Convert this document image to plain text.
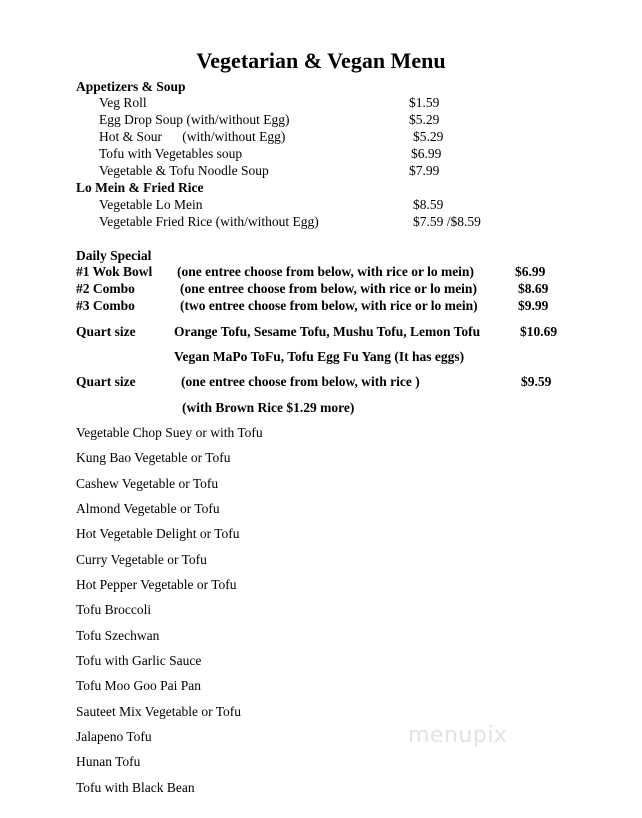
Vegetarian & Vegan Menu
Appetizers & Soup
Veg Roll	$1.59
Egg Drop Soup (with/without Egg)	$5.29
Hot & Sour      (with/without Egg)	$5.29
Tofu with Vegetables soup	$6.99
Vegetable & Tofu Noodle Soup	$7.99
Lo Mein & Fried Rice
Vegetable Lo Mein	$8.59
Vegetable Fried Rice (with/without Egg)	$7.59 /$8.59
Daily Special
#1 Wok Bowl (one entree choose from below, with rice or lo mein)	$6.99
#2 Combo	(one entree choose from below, with rice or lo mein)	$8.69
#3 Combo	(two entree choose from below, with rice or lo mein)	$9.99
Quart size	Orange Tofu, Sesame Tofu, Mushu Tofu, Lemon Tofu	$10.69
Vegan MaPo ToFu, Tofu Egg Fu Yang (It has eggs)
Quart size	(one entree choose from below, with rice )	$9.59
(with Brown Rice $1.29 more)
Vegetable Chop Suey or with Tofu
Kung Bao Vegetable or Tofu
Cashew Vegetable or Tofu
Almond Vegetable or Tofu
Hot Vegetable Delight or Tofu
Curry Vegetable or Tofu
Hot Pepper Vegetable or Tofu
Tofu Broccoli
Tofu Szechwan
Tofu with Garlic Sauce
Tofu Moo Goo Pai Pan
Sauteet Mix Vegetable or Tofu
Jalapeno Tofu
Hunan Tofu
Tofu with Black Bean
menupix
